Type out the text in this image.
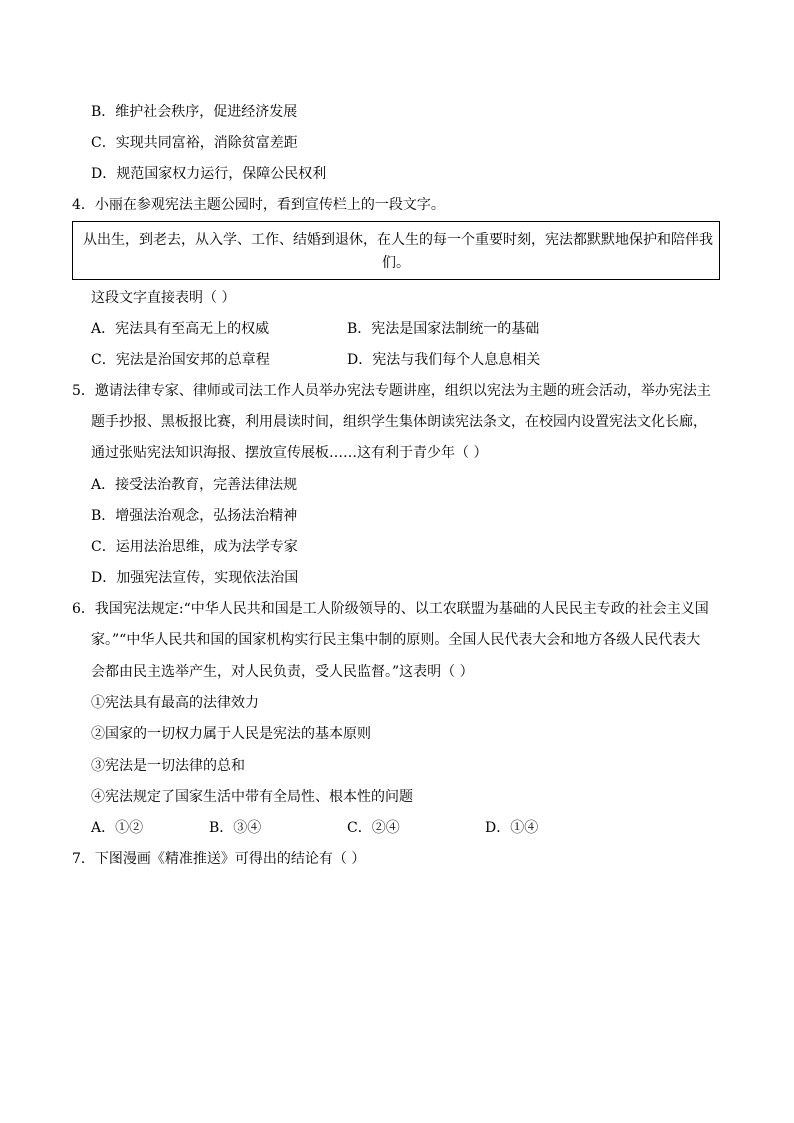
B．维护社会秩序，促进经济发展
C．实现共同富裕，消除贫富差距
D．规范国家权力运行，保障公民权利
4．小丽在参观宪法主题公园时，看到宣传栏上的一段文字。
从出生，到老去，从入学、工作、结婚到退休，在人生的每一个重要时刻，宪法都默默地保护和陪伴我
们。
这段文字直接表明（ ）
A．宪法具有至高无上的权威	B．宪法是国家法制统一的基础
C．宪法是治国安邦的总章程	D．宪法与我们每个人息息相关
5．邀请法律专家、律师或司法工作人员举办宪法专题讲座，组织以宪法为主题的班会活动，举办宪法主
题手抄报、黑板报比赛，利用晨读时间，组织学生集体朗读宪法条文，在校园内设置宪法文化长廊，
通过张贴宪法知识海报、摆放宣传展板……这有利于青少年（ ）
A．接受法治教育，完善法律法规
B．增强法治观念，弘扬法治精神
C．运用法治思维，成为法学专家
D．加强宪法宣传，实现依法治国
6．我国宪法规定:“中华人民共和国是工人阶级领导的、以工农联盟为基础的人民民主专政的社会主义国
家。”“中华人民共和国的国家机构实行民主集中制的原则。全国人民代表大会和地方各级人民代表大
会都由民主选举产生，对人民负责，受人民监督。”这表明（ ）
①宪法具有最高的法律效力
②国家的一切权力属于人民是宪法的基本原则
③宪法是一切法律的总和
④宪法规定了国家生活中带有全局性、根本性的问题
A．①②	B．③④	C．②④	D．①④
7．下图漫画《精准推送》可得出的结论有（ ）
